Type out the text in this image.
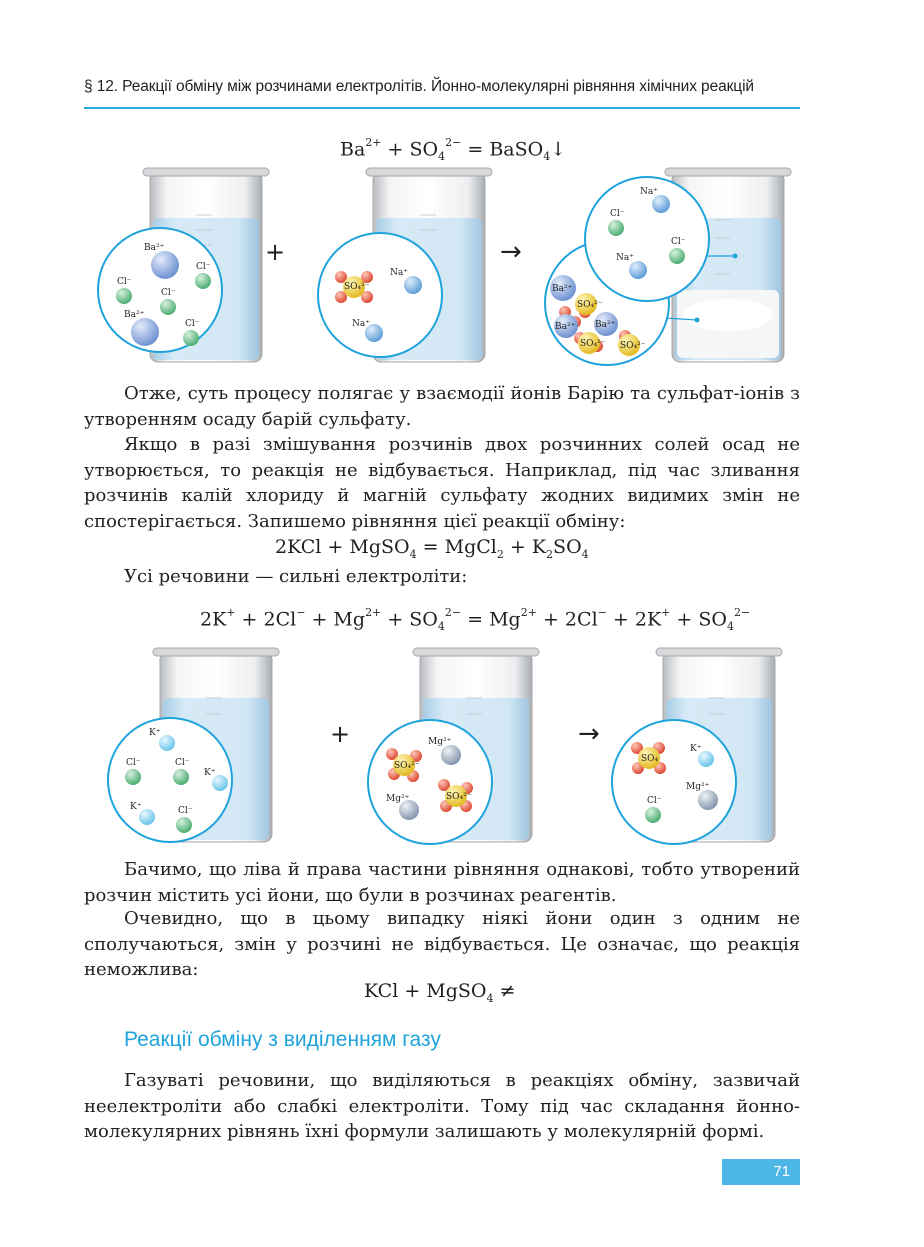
§ 12. Реакції обміну між розчинами електролітів. Йонно-молекулярні рівняння хімічних реакцій
$Ba^{2+} + SO_4^{2-}$ = BaSO$_4$↓
Ba²⁺
Cl⁻
Cl⁻
Cl⁻
Ba²⁺
Cl⁻
+
SO₄²⁻
Na⁺
Na⁺
→
Ba²⁺
SO₄²⁻
Ba²⁺ Ba²⁺
SO₄²⁻ SO₄²⁻
Na⁺
Cl⁻
Cl⁻
Na⁺

Отже, суть процесу полягає у взаємодії йонів Барію та сульфат-іонів з утворенням осаду барій сульфату.

Якщо в разі змішування розчинів двох розчинних солей осад не утворюється, то реакція не відбувається. Наприклад, під час зливання розчинів калій хлориду й магній сульфату жодних видимих змін не спостерігається. Запишемо рівняння цієї реакції обміну:

2KCl + MgSO$_4$ = MgCl$_2$ + $K_2SO_4$

Усі речовини — сильні електроліти:

$2K^+ + 2Cl^- + Mg^{2+} + SO_4^{2-} = Mg^{2+} + 2Cl^- + 2K^+ + SO_4^{2-}$
K⁺
Cl⁻	Cl⁻
K⁺
K⁺
Cl⁻
+	Mg²⁺
SO₄²⁻
SO₄²⁻
Mg²⁺
→
SO₄
K⁺
Mg²⁺
Cl⁻

Бачимо, що ліва й права частини рівняння однакові, тобто утворений розчин містить усі йони, що були в розчинах реагентів.

Очевидно, що в цьому випадку ніякі йони один з одним не сполучаються, змін у розчині не відбувається. Це означає, що реакція неможлива:

KCl + MgSO$_4$ ≠
Реакції обміну з виділенням газу

Газуваті речовини, що виділяються в реакціях обміну, зазвичай неелектроліти або слабкі електроліти. Тому під час складання йонно-молекулярних рівнянь їхні формули залишають у молекулярній формі.

71
